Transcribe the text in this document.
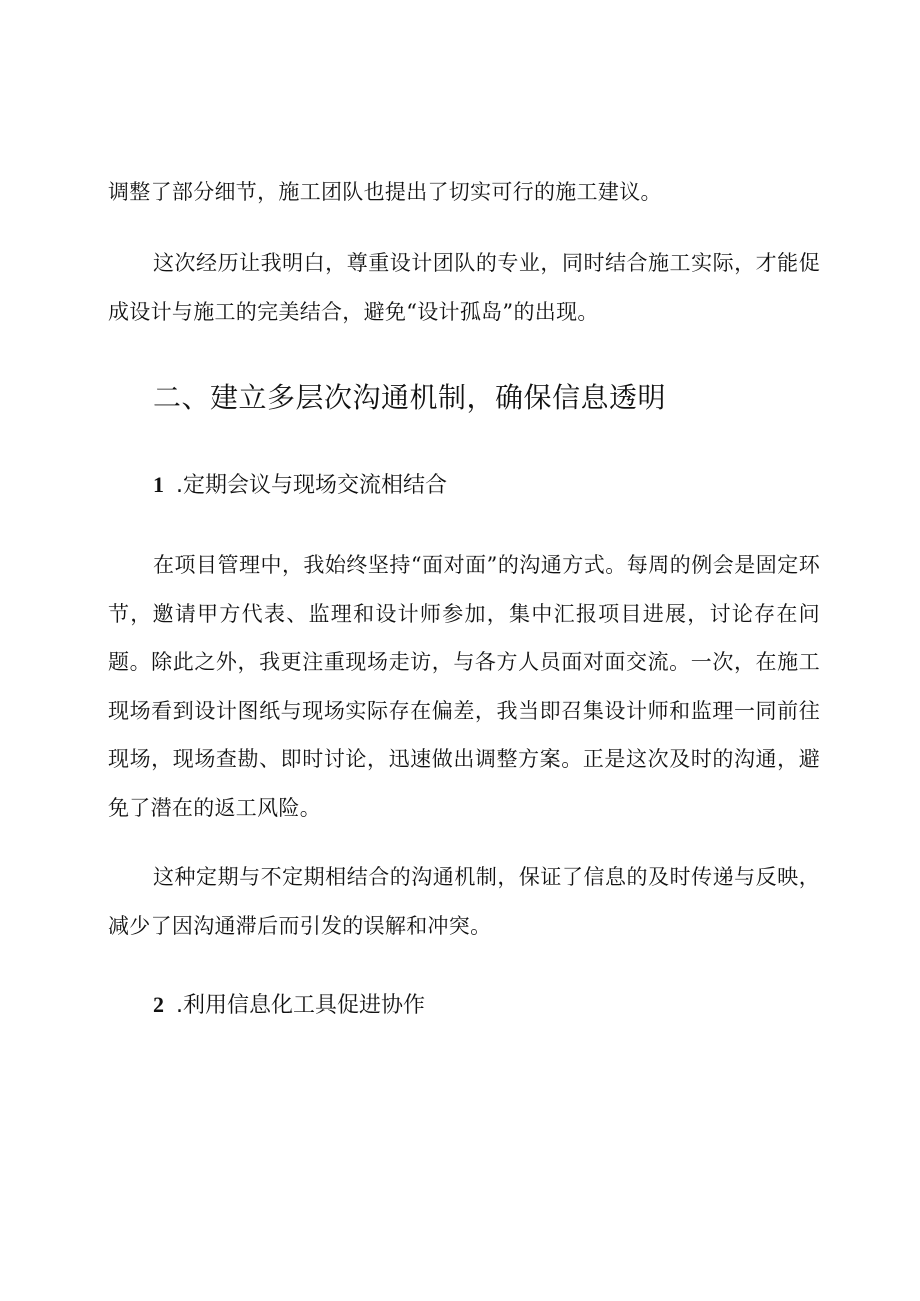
调整了部分细节，施工团队也提出了切实可行的施工建议。

这次经历让我明白，尊重设计团队的专业，同时结合施工实际，才能促成设计与施工的完美结合，避免“设计孤岛”的出现。

二、建立多层次沟通机制，确保信息透明
1 .定期会议与现场交流相结合

在项目管理中，我始终坚持“面对面”的沟通方式。每周的例会是固定环节，邀请甲方代表、监理和设计师参加，集中汇报项目进展，讨论存在问题。除此之外，我更注重现场走访，与各方人员面对面交流。一次，在施工现场看到设计图纸与现场实际存在偏差，我当即召集设计师和监理一同前往现场，现场查勘、即时讨论，迅速做出调整方案。正是这次及时的沟通，避免了潜在的返工风险。

这种定期与不定期相结合的沟通机制，保证了信息的及时传递与反映，减少了因沟通滞后而引发的误解和冲突。

2 .利用信息化工具促进协作
